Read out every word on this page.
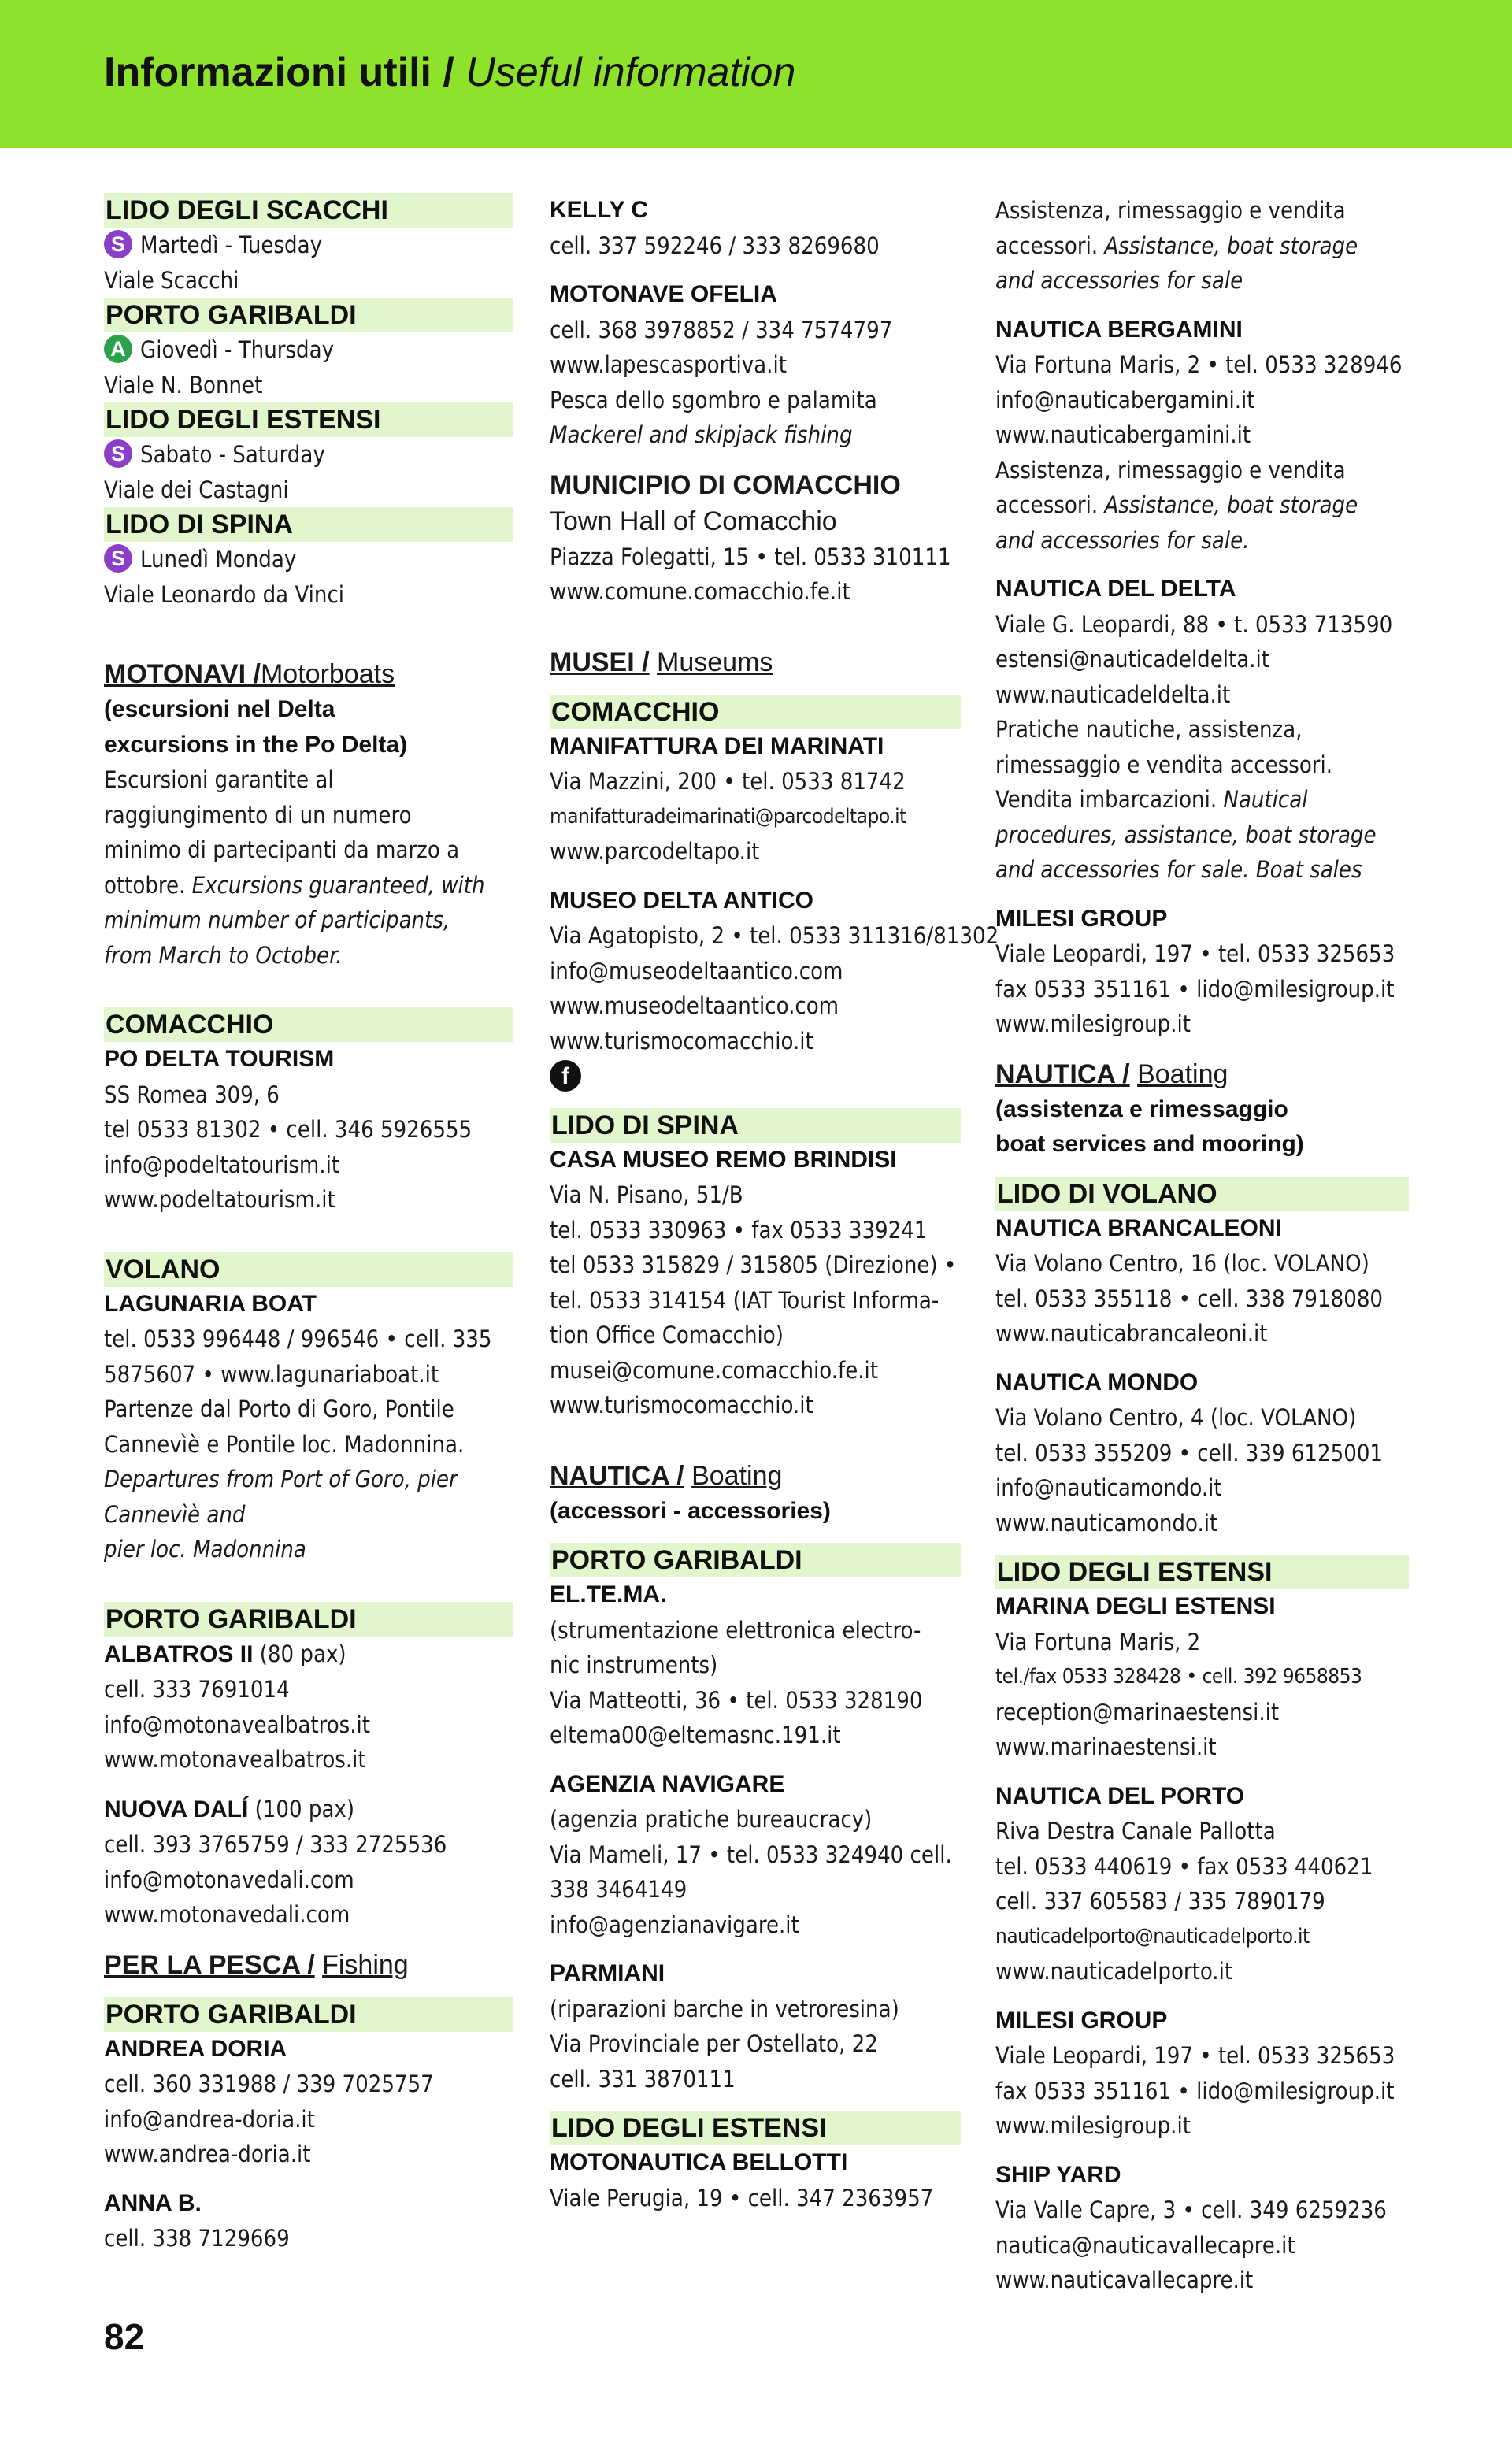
Informazioni utili / Useful information
LIDO DEGLI SCACCHI
S Martedì - Tuesday
Viale Scacchi
PORTO GARIBALDI
A Giovedì - Thursday
Viale N. Bonnet
LIDO DEGLI ESTENSI
S Sabato - Saturday
Viale dei Castagni
LIDO DI SPINA
S Lunedì Monday
Viale Leonardo da Vinci
MOTONAVI /Motorboats
(escursioni nel Delta
excursions in the Po Delta)
Escursioni garantite al
raggiungimento di un numero
minimo di partecipanti da marzo a
ottobre. Excursions guaranteed, with
minimum number of participants,
from March to October.
COMACCHIO
PO DELTA TOURISM
SS Romea 309, 6
tel 0533 81302 • cell. 346 5926555
info@podeltatourism.it
www.podeltatourism.it
VOLANO
LAGUNARIA BOAT
tel. 0533 996448 / 996546 • cell. 335
5875607 • www.lagunariaboat.it
Partenze dal Porto di Goro, Pontile
Cannevìè e Pontile loc. Madonnina.
Departures from Port of Goro, pier
Cannevìè and
pier loc. Madonnina
PORTO GARIBALDI
ALBATROS II (80 pax)
cell. 333 7691014
info@motonavealbatros.it
www.motonavealbatros.it
NUOVA DALÍ (100 pax)
cell. 393 3765759 / 333 2725536
info@motonavedali.com
www.motonavedali.com
PER LA PESCA / Fishing
PORTO GARIBALDI
ANDREA DORIA
cell. 360 331988 / 339 7025757
info@andrea-doria.it
www.andrea-doria.it
ANNA B.
cell. 338 7129669
KELLY C
cell. 337 592246 / 333 8269680
MOTONAVE OFELIA
cell. 368 3978852 / 334 7574797
www.lapescasportiva.it
Pesca dello sgombro e palamita
Mackerel and skipjack fishing
MUNICIPIO DI COMACCHIO
Town Hall of Comacchio
Piazza Folegatti, 15 • tel. 0533 310111
www.comune.comacchio.fe.it
MUSEI / Museums
COMACCHIO
MANIFATTURA DEI MARINATI
Via Mazzini, 200 • tel. 0533 81742
manifatturadeimarinati@parcodeltapo.it
www.parcodeltapo.it
MUSEO DELTA ANTICO
Via Agatopisto, 2 • tel. 0533 311316/81302
info@museodeltaantico.com
www.museodeltaantico.com
www.turismocomacchio.it
f
LIDO DI SPINA
CASA MUSEO REMO BRINDISI
Via N. Pisano, 51/B
tel. 0533 330963 • fax 0533 339241
tel 0533 315829 / 315805 (Direzione) •
tel. 0533 314154 (IAT Tourist Informa-
tion Office Comacchio)
musei@comune.comacchio.fe.it
www.turismocomacchio.it
NAUTICA / Boating
(accessori - accessories)
PORTO GARIBALDI
EL.TE.MA.
(strumentazione elettronica electro-
nic instruments)
Via Matteotti, 36 • tel. 0533 328190
eltema00@eltemasnc.191.it
AGENZIA NAVIGARE
(agenzia pratiche bureaucracy)
Via Mameli, 17 • tel. 0533 324940 cell.
338 3464149
info@agenzianavigare.it
PARMIANI
(riparazioni barche in vetroresina)
Via Provinciale per Ostellato, 22
cell. 331 3870111
LIDO DEGLI ESTENSI
MOTONAUTICA BELLOTTI
Viale Perugia, 19 • cell. 347 2363957
Assistenza, rimessaggio e vendita
accessori. Assistance, boat storage
and accessories for sale
NAUTICA BERGAMINI
Via Fortuna Maris, 2 • tel. 0533 328946
info@nauticabergamini.it
www.nauticabergamini.it
Assistenza, rimessaggio e vendita
accessori. Assistance, boat storage
and accessories for sale.
NAUTICA DEL DELTA
Viale G. Leopardi, 88 • t. 0533 713590
estensi@nauticadeldelta.it
www.nauticadeldelta.it
Pratiche nautiche, assistenza,
rimessaggio e vendita accessori.
Vendita imbarcazioni. Nautical
procedures, assistance, boat storage
and accessories for sale. Boat sales
MILESI GROUP
Viale Leopardi, 197 • tel. 0533 325653
fax 0533 351161 • lido@milesigroup.it
www.milesigroup.it
NAUTICA / Boating
(assistenza e rimessaggio
boat services and mooring)
LIDO DI VOLANO
NAUTICA BRANCALEONI
Via Volano Centro, 16 (loc. VOLANO)
tel. 0533 355118 • cell. 338 7918080
www.nauticabrancaleoni.it
NAUTICA MONDO
Via Volano Centro, 4 (loc. VOLANO)
tel. 0533 355209 • cell. 339 6125001
info@nauticamondo.it
www.nauticamondo.it
LIDO DEGLI ESTENSI
MARINA DEGLI ESTENSI
Via Fortuna Maris, 2
tel./fax 0533 328428 • cell. 392 9658853
reception@marinaestensi.it
www.marinaestensi.it
NAUTICA DEL PORTO
Riva Destra Canale Pallotta
tel. 0533 440619 • fax 0533 440621
cell. 337 605583 / 335 7890179
nauticadelporto@nauticadelporto.it
www.nauticadelporto.it
MILESI GROUP
Viale Leopardi, 197 • tel. 0533 325653
fax 0533 351161 • lido@milesigroup.it
www.milesigroup.it
SHIP YARD
Via Valle Capre, 3 • cell. 349 6259236
nautica@nauticavallecapre.it
www.nauticavallecapre.it
82
